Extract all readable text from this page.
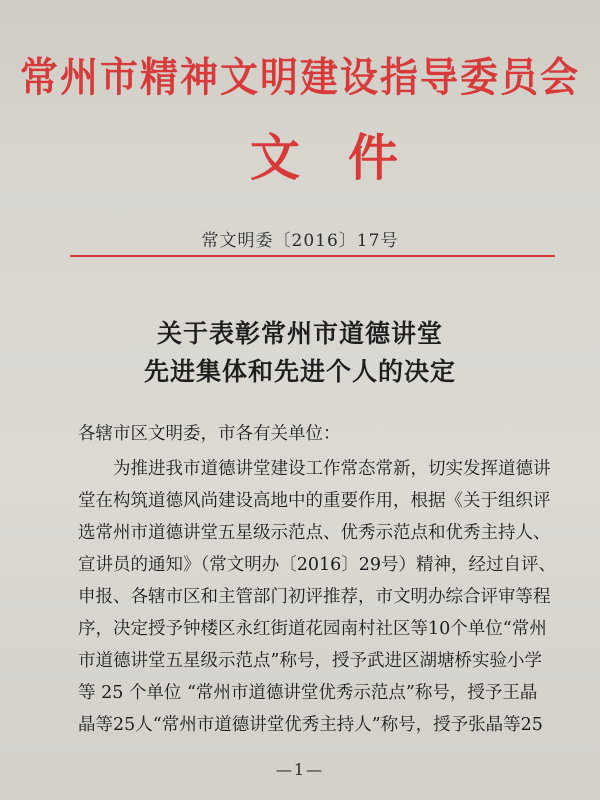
常州市精神文明建设指导委员会
文件
常文明委〔2016〕17号
关于表彰常州市道德讲堂
先进集体和先进个人的决定
各辖市区文明委，市各有关单位：
　　为推进我市道德讲堂建设工作常态常新，切实发挥道德讲
堂在构筑道德风尚建设高地中的重要作用，根据《关于组织评
选常州市道德讲堂五星级示范点、优秀示范点和优秀主持人、
宣讲员的通知》（常文明办〔2016〕29号）精神，经过自评、
申报、各辖市区和主管部门初评推荐，市文明办综合评审等程
序，决定授予钟楼区永红街道花园南村社区等10个单位“常州
市道德讲堂五星级示范点”称号，授予武进区湖塘桥实验小学
等 25 个单位 “常州市道德讲堂优秀示范点”称号，授予王晶
晶等25人“常州市道德讲堂优秀主持人”称号，授予张晶等25
—1—
